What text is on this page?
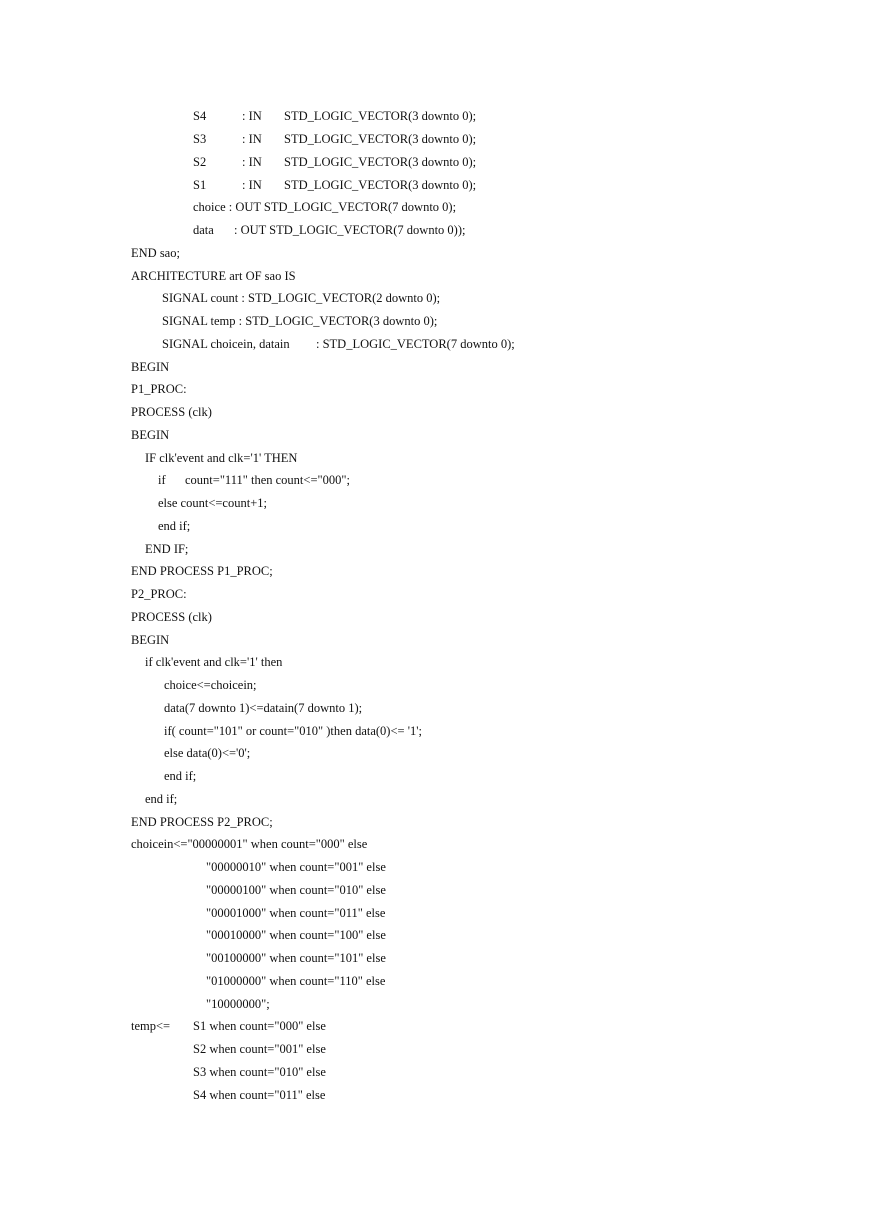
S4	: IN STD_LOGIC_VECTOR(3 downto 0);
S3	: IN STD_LOGIC_VECTOR(3 downto 0);
S2	: IN STD_LOGIC_VECTOR(3 downto 0);
S1	: IN STD_LOGIC_VECTOR(3 downto 0);
choice : OUT STD_LOGIC_VECTOR(7 downto 0);
data : OUT STD_LOGIC_VECTOR(7 downto 0));
END sao;
ARCHITECTURE art OF sao IS
SIGNAL count : STD_LOGIC_VECTOR(2 downto 0);
SIGNAL temp : STD_LOGIC_VECTOR(3 downto 0);
SIGNAL choicein, datain : STD_LOGIC_VECTOR(7 downto 0);
BEGIN
P1_PROC:
PROCESS (clk)
BEGIN
IF clk'event and clk='1' THEN
if count="111" then count<="000";
else count<=count+1;
end if;
END IF;
END PROCESS P1_PROC;
P2_PROC:
PROCESS (clk)
BEGIN
if clk'event and clk='1' then
choice<=choicein;
data(7 downto 1)<=datain(7 downto 1);
if( count="101" or count="010" )then data(0)<= '1';
else data(0)<='0';
end if;
end if;
END PROCESS P2_PROC;
choicein<="00000001" when count="000" else
"00000010" when count="001" else
"00000100" when count="010" else
"00001000" when count="011" else
"00010000" when count="100" else
"00100000" when count="101" else
"01000000" when count="110" else
"10000000";
temp<= S1 when count="000" else
S2 when count="001" else
S3 when count="010" else
S4 when count="011" else
